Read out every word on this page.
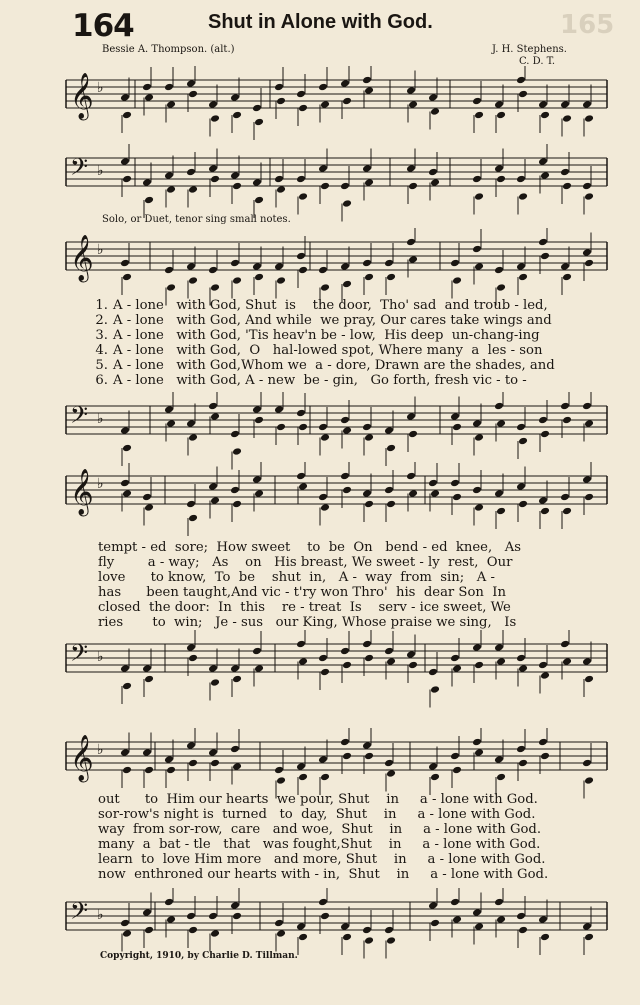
164	Shut in Alone with God.	165
Bessie A. Thompson. (alt.)	J. H. Stephens.
C. D. T.
Solo, or Duet, tenor sing small notes.
𝄞 ♭
𝄢 ♭
𝄞 ♭
𝄢 ♭
𝄞 ♭
𝄢 ♭
𝄞 ♭
𝄢 ♭
1. A - lone   with God, Shut  is    the door,  Tho' sad  and troub - led,
2. A - lone   with God, And while  we pray, Our cares take wings and
3. A - lone   with God, 'Tis heav'n be - low,  His deep  un-chang-ing
4. A - lone   with God,  O   hal-lowed spot, Where many  a  les - son
5. A - lone   with God,Whom we  a - dore, Drawn are the shades, and
6. A - lone   with God, A - new  be - gin,   Go forth, fresh vic - to -
tempt - ed  sore;  How sweet    to  be  On   bend - ed  knee,   As
fly        a - way;   As    on   His breast, We sweet - ly  rest,  Our
love      to know,  To  be    shut  in,   A -  way  from  sin;   A -
has      been taught,And vic - t'ry won Thro'  his  dear Son  In
closed  the door:  In  this    re - treat  Is    serv - ice sweet, We
ries       to  win;   Je - sus   our King, Whose praise we sing,   Is
out      to  Him our hearts  we pour, Shut    in     a - lone with God.
sor-row's night is  turned   to  day,  Shut    in     a - lone with God.
way  from sor-row,  care   and woe,  Shut    in     a - lone with God.
many  a  bat - tle   that   was fought,Shut    in     a - lone with God.
learn  to  love Him more   and more, Shut    in     a - lone with God.
now  enthroned our hearts with - in,  Shut    in     a - lone with God.
Copyright, 1910, by Charlie D. Tillman.
